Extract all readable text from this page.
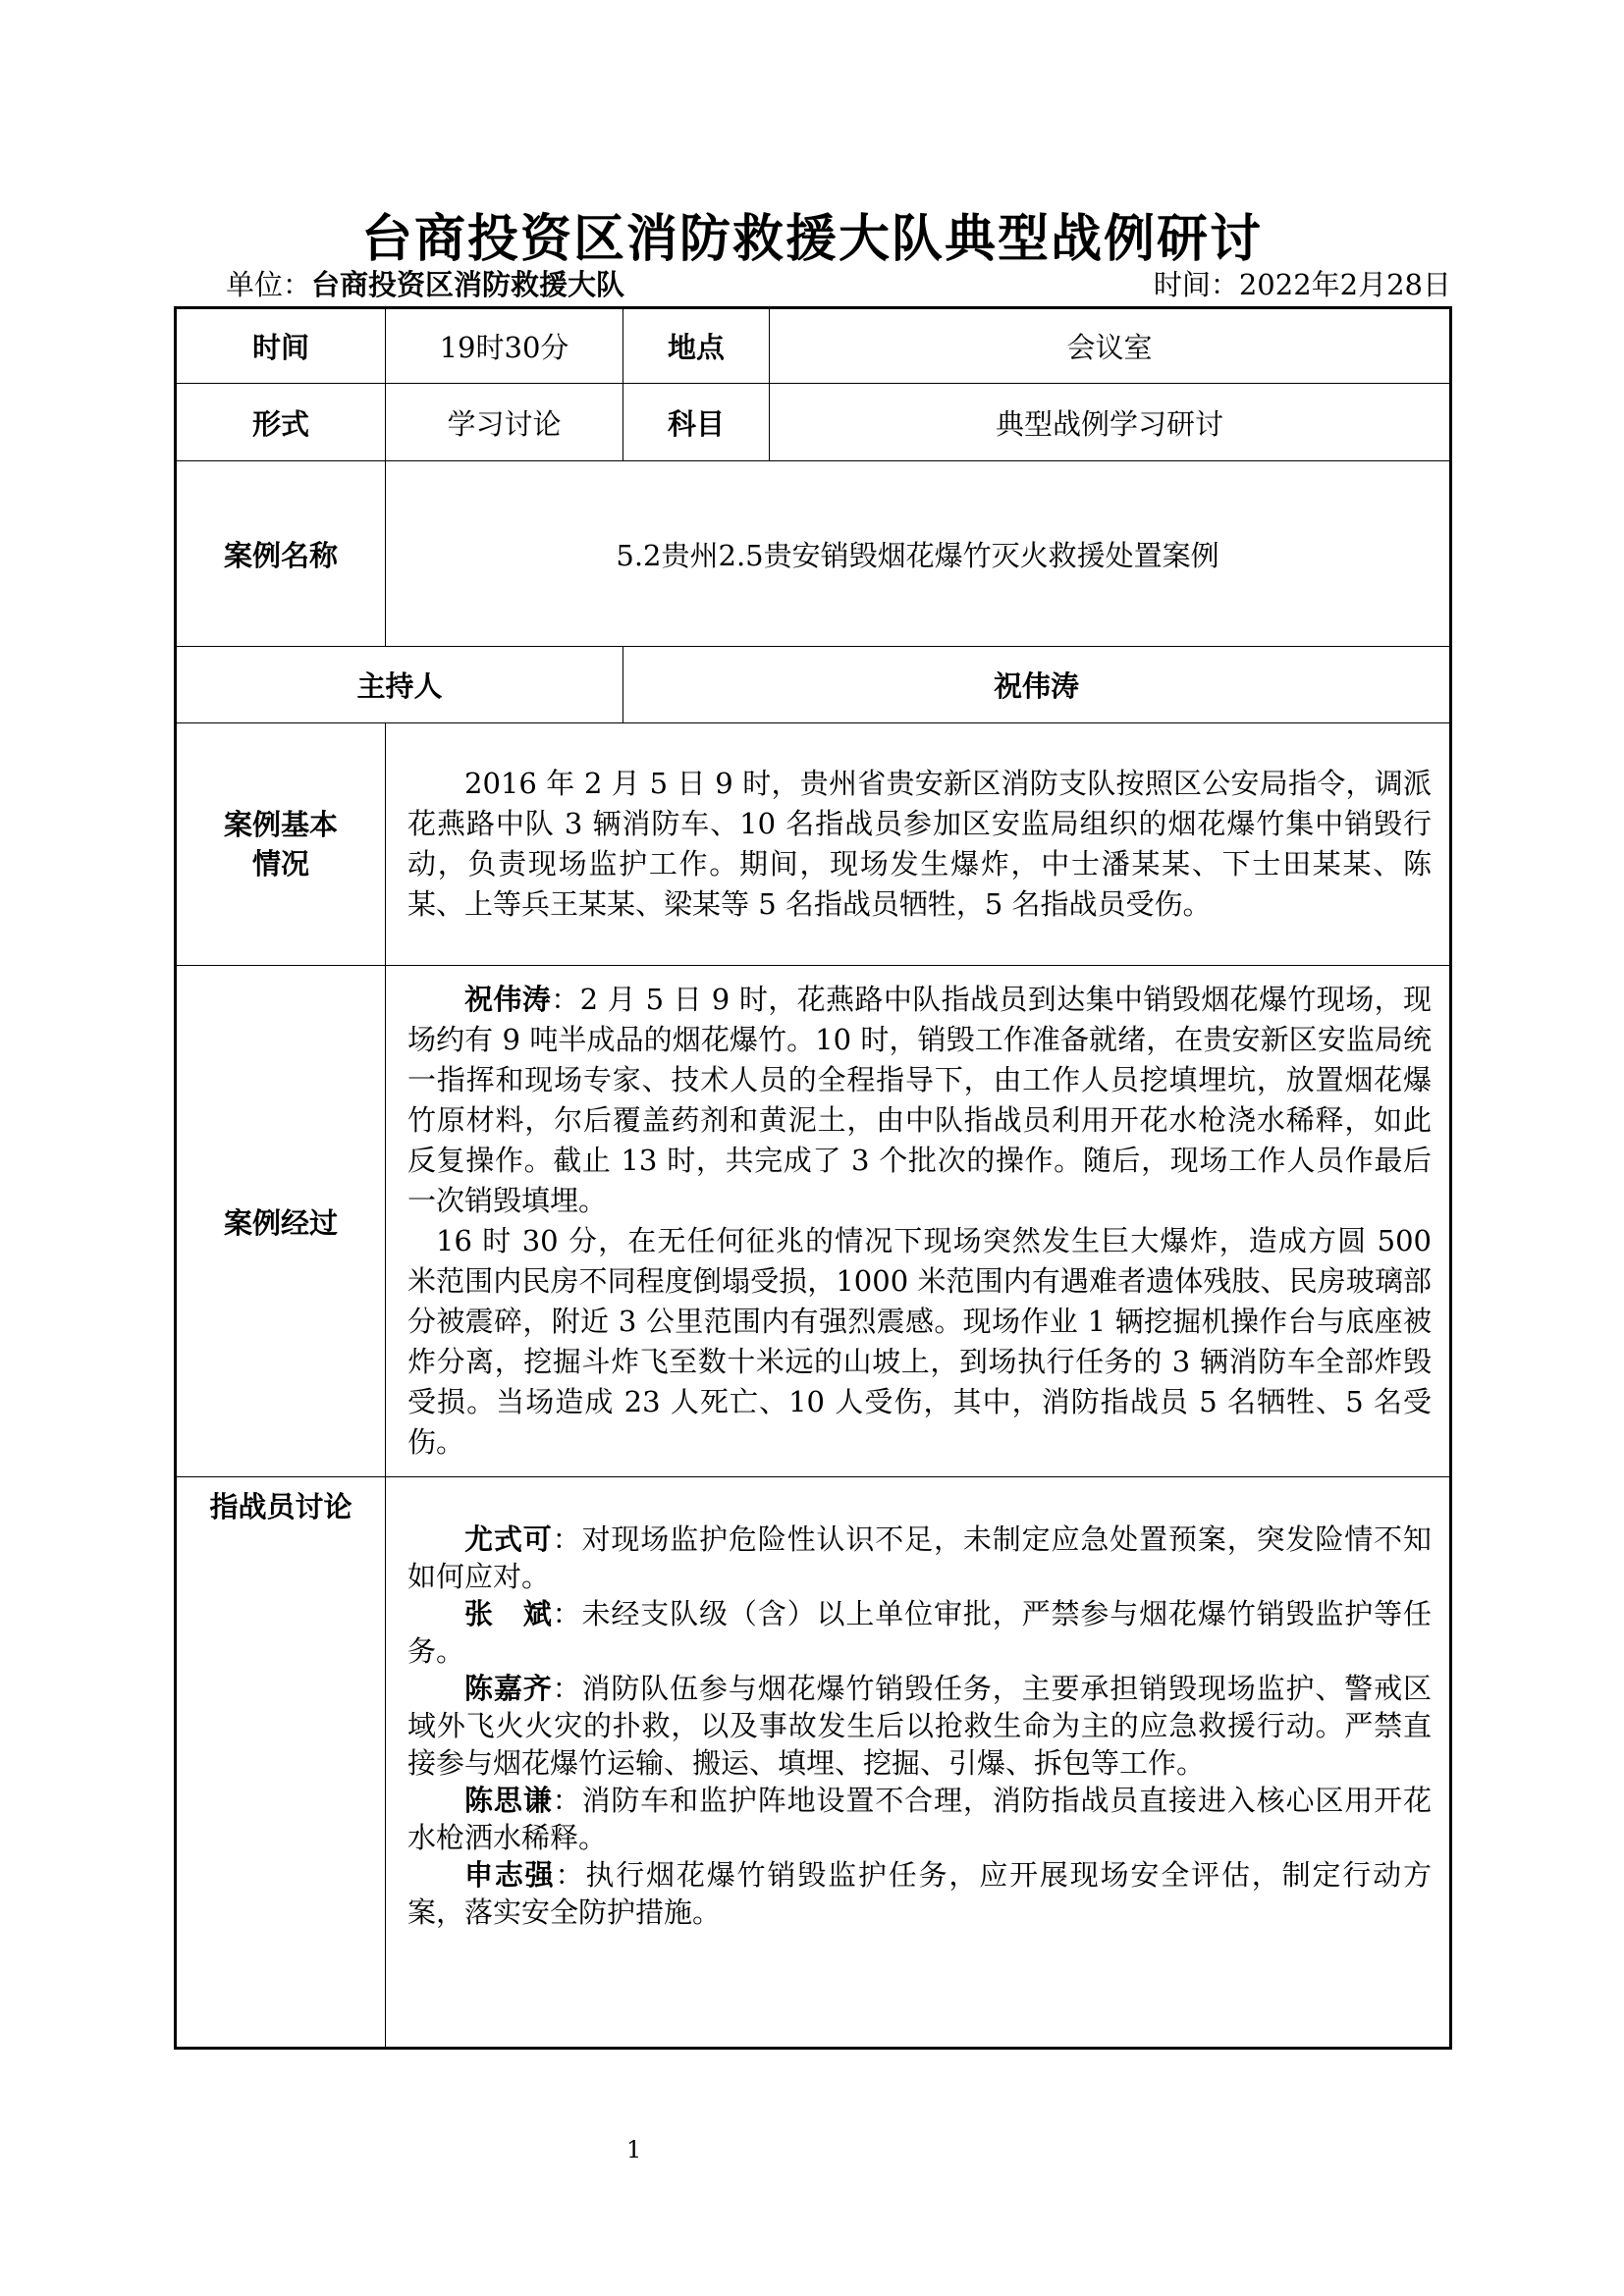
台商投资区消防救援大队典型战例研讨
单位：台商投资区消防救援大队	时间：2022年2月28日
时间	19时30分	地点	会议室
形式	学习讨论	科目	典型战例学习研讨
案例名称	5.2贵州2.5贵安销毁烟花爆竹灭火救援处置案例		
主持人		祝伟涛	
案例基本情况	2016 年 2 月 5 日 9 时，贵州省贵安新区消防支队按照区公安局指令，调派花燕路中队 3 辆消防车、10 名指战员参加区安监局组织的烟花爆竹集中销毁行动，负责现场监护工作。期间，现场发生爆炸，中士潘某某、下士田某某、陈某、上等兵王某某、梁某等 5 名指战员牺牲，5 名指战员受伤。		

案例经过	祝伟涛：2 月 5 日 9 时，花燕路中队指战员到达集中销毁烟花爆竹现场，现场约有 9 吨半成品的烟花爆竹。10 时，销毁工作准备就绪，在贵安新区安监局统一指挥和现场专家、技术人员的全程指导下，由工作人员挖填埋坑，放置烟花爆竹原材料，尔后覆盖药剂和黄泥土，由中队指战员利用开花水枪浇水稀释，如此反复操作。截止 13 时，共完成了 3 个批次的操作。随后，现场工作人员作最后一次销毁填埋。

16 时 30 分，在无任何征兆的情况下现场突然发生巨大爆炸，造成方圆 500 米范围内民房不同程度倒塌受损，1000 米范围内有遇难者遗体残肢、民房玻璃部分被震碎，附近 3 公里范围内有强烈震感。现场作业 1 辆挖掘机操作台与底座被炸分离，挖掘斗炸飞至数十米远的山坡上，到场执行任务的 3 辆消防车全部炸毁受损。当场造成 23 人死亡、10 人受伤，其中，消防指战员 5 名牺牲、5 名受伤。		

指战员讨论	尤式可：对现场监护危险性认识不足，未制定应急处置预案，突发险情不知如何应对。

张　斌：未经支队级（含）以上单位审批，严禁参与烟花爆竹销毁监护等任务。

陈嘉齐：消防队伍参与烟花爆竹销毁任务，主要承担销毁现场监护、警戒区域外飞火火灾的扑救，以及事故发生后以抢救生命为主的应急救援行动。严禁直接参与烟花爆竹运输、搬运、填埋、挖掘、引爆、拆包等工作。

陈思谦：消防车和监护阵地设置不合理，消防指战员直接进入核心区用开花水枪洒水稀释。

申志强：执行烟花爆竹销毁监护任务，应开展现场安全评估，制定行动方案，落实安全防护措施。		

1
